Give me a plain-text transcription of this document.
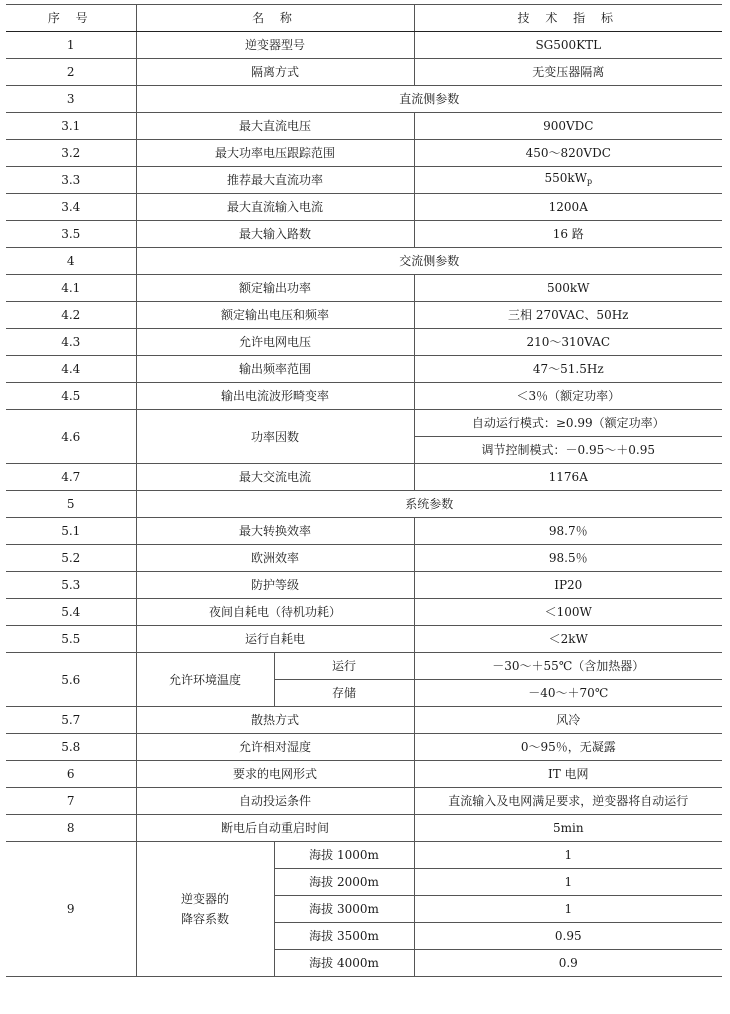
序 号	名 称		技 术 指 标
1	逆变器型号		SG500KTL
2	隔离方式		无变压器隔离
3	直流侧参数		
3.1	最大直流电压		900VDC
3.2	最大功率电压跟踪范围		450～820VDC
3.3	推荐最大直流功率		$550kW_p$
3.4	最大直流输入电流		1200A
3.5	最大输入路数		16 路
4	交流侧参数		
4.1	额定输出功率		500kW
4.2	额定输出电压和频率		三相 270VAC、50Hz
4.3	允许电网电压		210～310VAC
4.4	输出频率范围		47～51.5Hz
4.5	输出电流波形畸变率		＜3％（额定功率）
4.6	功率因数		自动运行模式：≥0.99（额定功率）
			调节控制模式：－0.95～＋0.95
4.7	最大交流电流		1176A
5	系统参数		
5.1	最大转换效率		98.7％
5.2	欧洲效率		98.5％
5.3	防护等级		IP20
5.4	夜间自耗电（待机功耗）		＜100W
5.5	运行自耗电		＜2kW
5.6	允许环境温度	运行	－30～＋55℃（含加热器）
		存储	－40～＋70℃
5.7	散热方式		风冷
5.8	允许相对湿度		0～95％，无凝露
6	要求的电网形式		IT 电网
7	自动投运条件		直流输入及电网满足要求，逆变器将自动运行
8	断电后自动重启时间		5min
9	逆变器的降容系数	海拔 1000m	1
		海拔 2000m	1
		海拔 3000m	1
		海拔 3500m	0.95
		海拔 4000m	0.9
